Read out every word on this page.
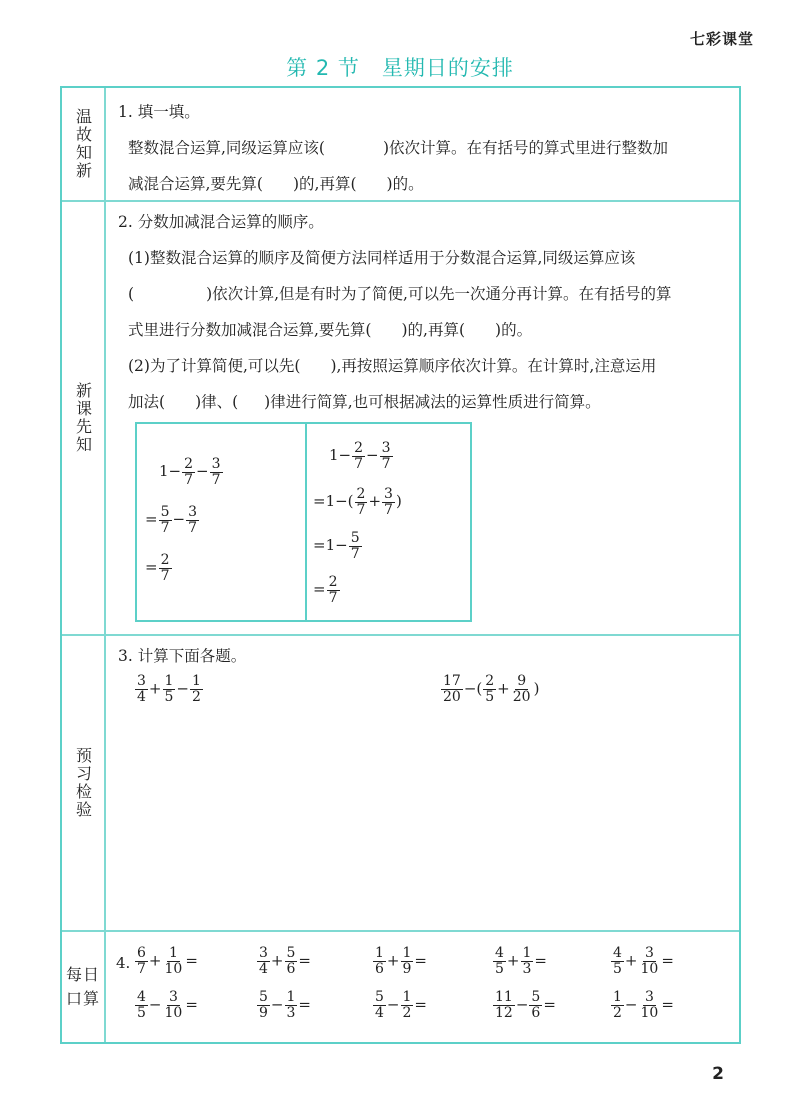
七彩课堂
第 2 节 星期日的安排
温故知新 1. 填一填。

整数混合运算,同级运算应该(	)依次计算。在有括号的算式里进行整数加

减混合运算,要先算( )的,再算( )的。

新课先知

2. 分数加减混合运算的顺序。

(1)整数混合运算的顺序及简便方法同样适用于分数混合运算,同级运算应该

(	)依次计算,但是有时为了简便,可以先一次通分再计算。在有括号的算

式里进行分数加减混合运算,要先算( )的,再算( )的。

(2)为了计算简便,可以先( ),再按照运算顺序依次计算。在计算时,注意运用

加法( )律、( )律进行简算,也可根据减法的运算性质进行简算。

$1- \frac{2}{7} - \frac{3}{7}$
= $\frac{5}{7} - \frac{3}{7}$
= $\frac{2}{7}$
$1- \frac{2}{7} - \frac{3}{7}$
$=1-( \frac{2}{7} + \frac{3}{7}$ )
$=1- \frac{5}{7}$
= $\frac{2}{7}$
预习检验

3. 计算下面各题。

$\frac{3}{4} + \frac{1}{5} - \frac{1}{2}$	$\frac{17}{20}$ −( $\frac{2}{5} + \frac{9}{20}$ )
每日口算
4. $\frac{6}{7} + \frac{1}{10}$ =	$\frac{3}{4} + \frac{5}{6}$ =	$\frac{1}{6} + \frac{1}{9}$ =	$\frac{4}{5} + \frac{1}{3}$ =	$\frac{4}{5} + \frac{3}{10}$ =
$\frac{4}{5} - \frac{3}{10}$ =	$\frac{5}{9} - \frac{1}{3}$ =	$\frac{5}{4} - \frac{1}{2}$ =	$\frac{11}{12} - \frac{5}{6}$ =	$\frac{1}{2} - \frac{3}{10}$ =
2
